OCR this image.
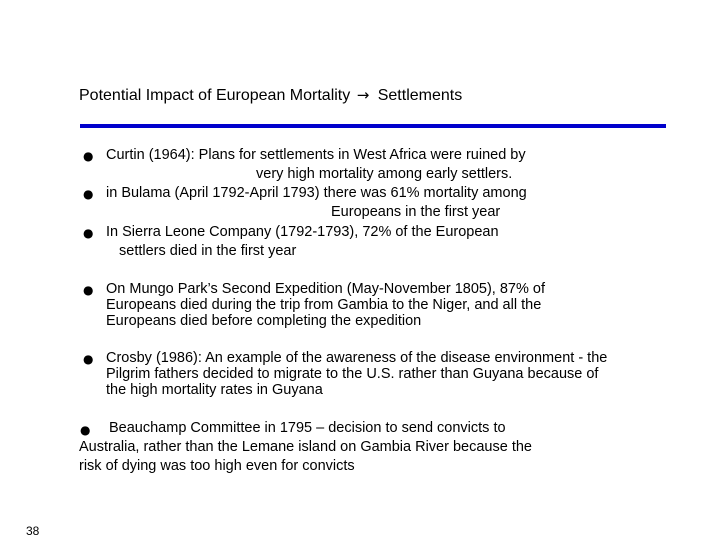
Potential Impact of European Mortality → Settlements
● Curtin (1964): Plans for settlements in West Africa were ruined by
very high mortality among early settlers.
● in Bulama (April 1792-April 1793) there was 61% mortality among
Europeans in the first year
● In Sierra Leone Company (1792-1793), 72% of the European
settlers died in the first year
● On Mungo Park’s Second Expedition (May-November 1805), 87% of
Europeans died during the trip from Gambia to the Niger, and all the
Europeans died before completing the expedition
● Crosby (1986): An example of the awareness of the disease environment - the
Pilgrim fathers decided to migrate to the U.S. rather than Guyana because of
the high mortality rates in Guyana
●	Beauchamp Committee in 1795 – decision to send convicts to
Australia, rather than the Lemane island on Gambia River because the
risk of dying was too high even for convicts
38
